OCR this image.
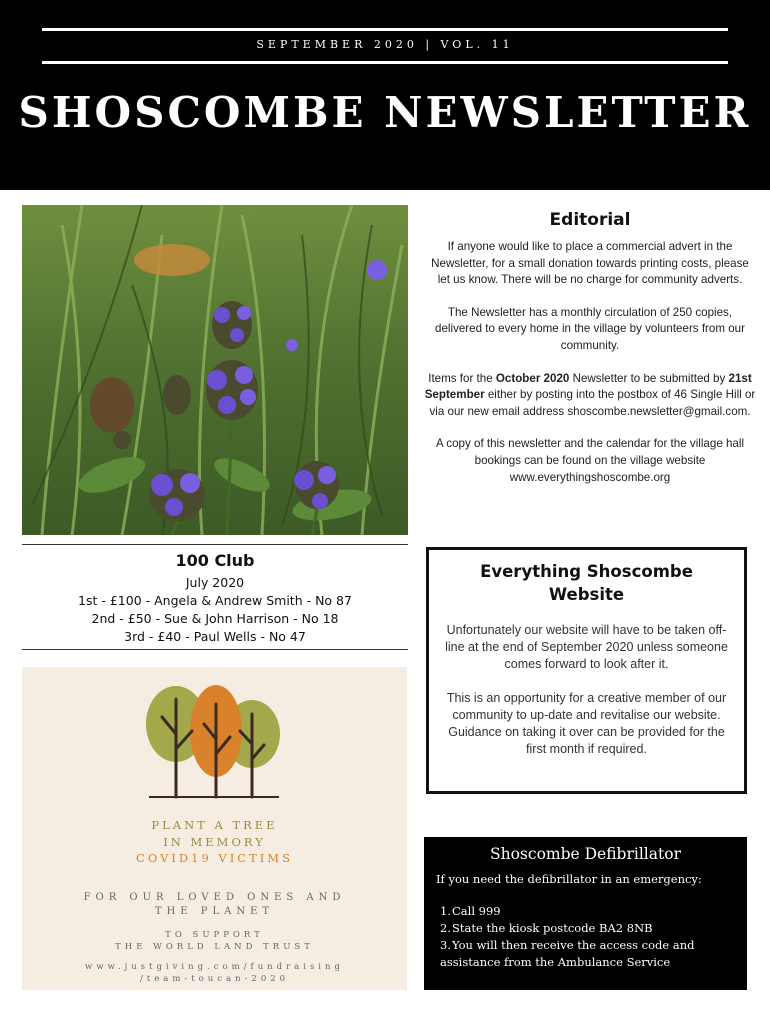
SEPTEMBER 2020 | VOL. 11
SHOSCOMBE NEWSLETTER
Editorial

If anyone would like to place a commercial advert in the Newsletter, for a small donation towards printing costs, please let us know. There will be no charge for community adverts.

The Newsletter has a monthly circulation of 250 copies, delivered to every home in the village by volunteers from our community.

Items for the October 2020 Newsletter to be submitted by 21st September either by posting into the postbox of 46 Single Hill or via our new email address shoscombe.newsletter@gmail.com.

A copy of this newsletter and the calendar for the village hall bookings can be found on the village website www.everythingshoscombe.org

100 Club
July 2020
1st - £100 - Angela & Andrew Smith - No 87
2nd - £50 - Sue & John Harrison - No 18
3rd - £40 - Paul Wells - No 47
Everything Shoscombe Website

Unfortunately our website will have to be taken off-line at the end of September 2020 unless someone comes forward to look after it.

This is an opportunity for a creative member of our community to up-date and revitalise our website.

Guidance on taking it over can be provided for the first month if required.

PLANT A TREE
IN MEMORY
COVID19 VICTIMS
FOR OUR LOVED ONES AND
THE PLANET
TO SUPPORT
THE WORLD LAND TRUST
www.justgiving.com/fundraising
/team-toucan-2020
Shoscombe Defibrillator
If you need the defibrillator in an emergency:
1.Call 999
2.State the kiosk postcode BA2 8NB
3.You will then receive the access code and assistance from the Ambulance Service
